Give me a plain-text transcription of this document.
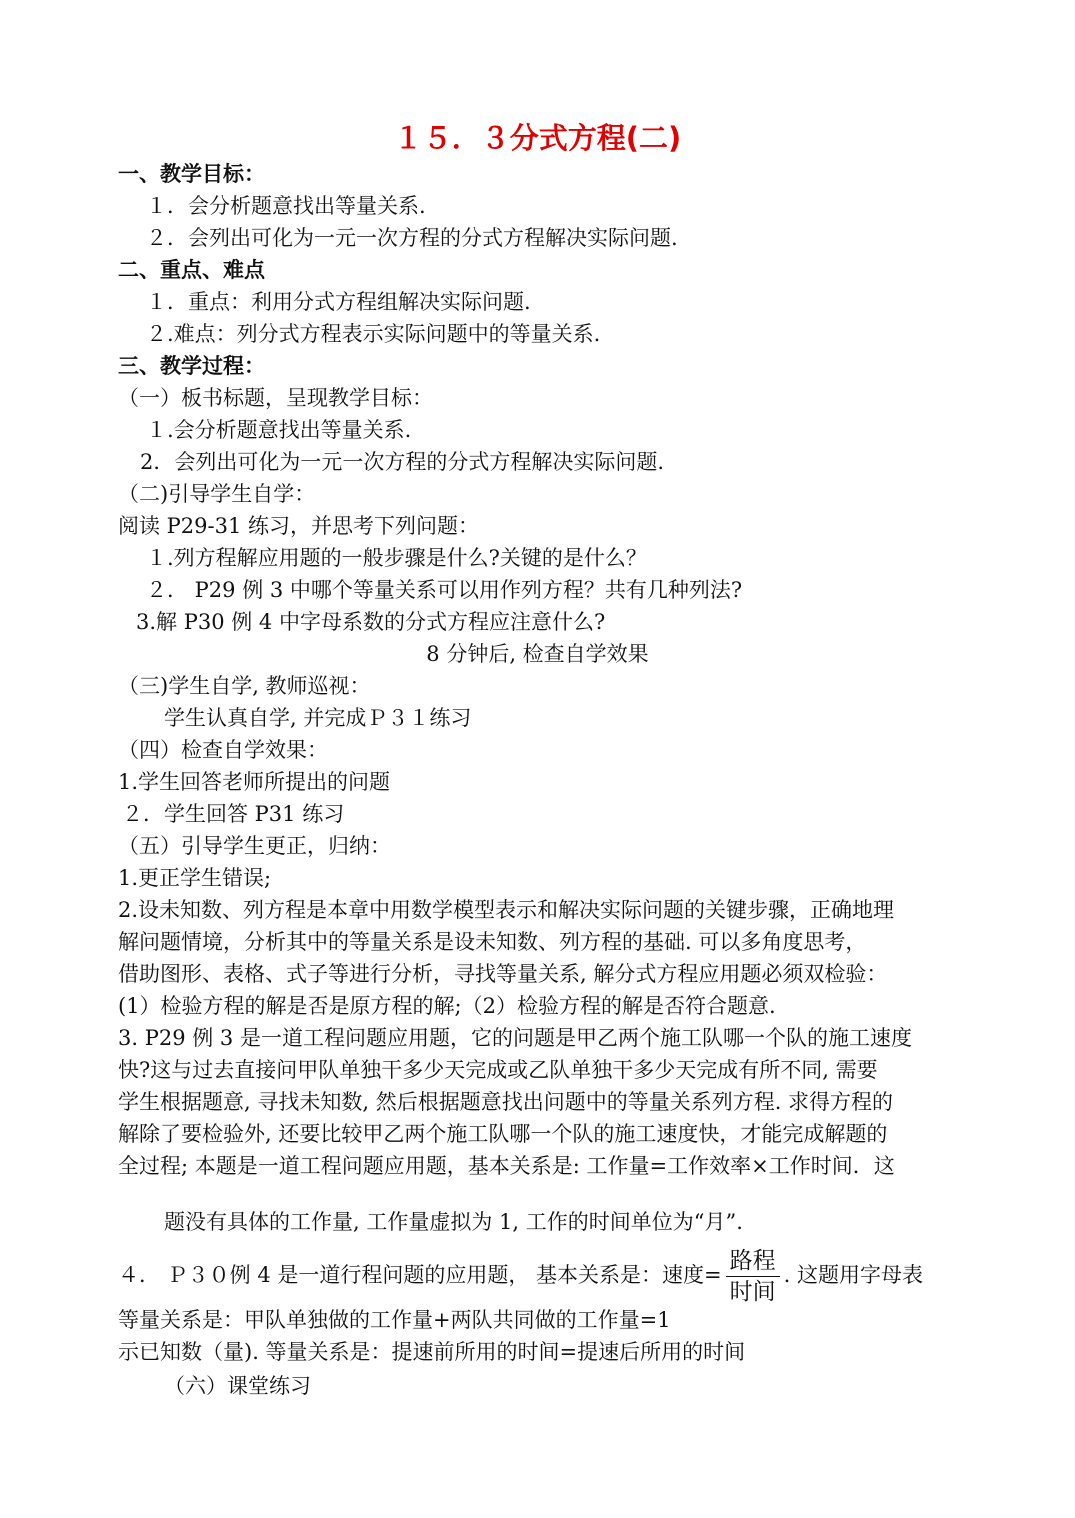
１５．３分式方程(二)
一、教学目标：
１．会分析题意找出等量关系.
２．会列出可化为一元一次方程的分式方程解决实际问题.
二、重点、难点
１．重点：利用分式方程组解决实际问题.
２.难点：列分式方程表示实际问题中的等量关系.
三、教学过程：
（一）板书标题，呈现教学目标：
１.会分析题意找出等量关系.
2．会列出可化为一元一次方程的分式方程解决实际问题.
（二)引导学生自学：
阅读 P29-31 练习，并思考下列问题：
１.列方程解应用题的一般步骤是什么?关键的是什么？
２． P29 例 3 中哪个等量关系可以用作列方程？共有几种列法?
3.解 P30 例 4 中字母系数的分式方程应注意什么?
8 分钟后, 检查自学效果
（三)学生自学, 教师巡视：
学生认真自学, 并完成Ｐ３１练习
（四）检查自学效果：
1.学生回答老师所提出的问题
２．学生回答 P31 练习
（五）引导学生更正，归纳：
1.更正学生错误;
2.设未知数、列方程是本章中用数学模型表示和解决实际问题的关键步骤，正确地理
解问题情境，分析其中的等量关系是设未知数、列方程的基础. 可以多角度思考，
借助图形、表格、式子等进行分析，寻找等量关系, 解分式方程应用题必须双检验：
(1）检验方程的解是否是原方程的解;（2）检验方程的解是否符合题意.
3. P29 例 3 是一道工程问题应用题，它的问题是甲乙两个施工队哪一个队的施工速度
快?这与过去直接问甲队单独干多少天完成或乙队单独干多少天完成有所不同, 需要
学生根据题意, 寻找未知数, 然后根据题意找出问题中的等量关系列方程. 求得方程的
解除了要检验外, 还要比较甲乙两个施工队哪一个队的施工速度快，才能完成解题的
全过程; 本题是一道工程问题应用题，基本关系是: 工作量=工作效率×工作时间．这
题没有具体的工作量, 工作量虚拟为 1, 工作的时间单位为“月”.
４． Ｐ３０例 4 是一道行程问题的应用题， 基本关系是：速度= $\frac{\text{路程}}{\text{时间}}$ . 这题用字母表
等量关系是：甲队单独做的工作量+两队共同做的工作量=1
示已知数（量). 等量关系是：提速前所用的时间=提速后所用的时间
（六）课堂练习
